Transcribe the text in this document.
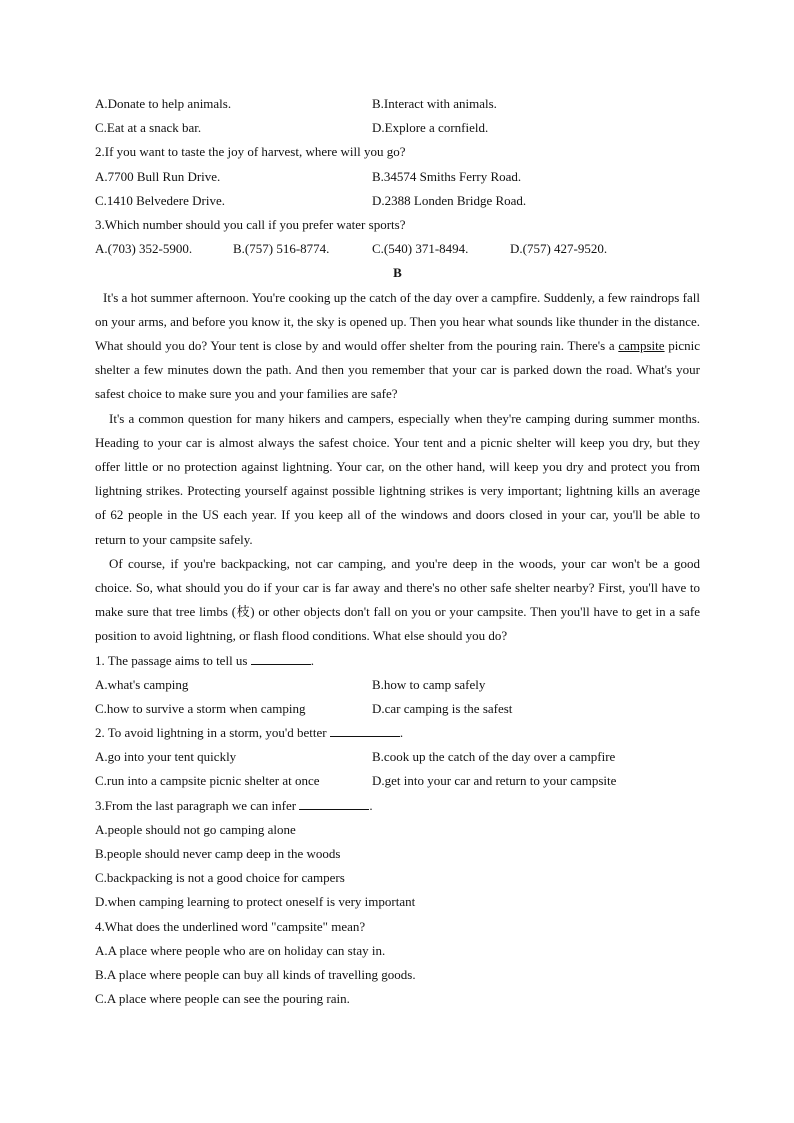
A.Donate to help animals.	B.Interact with animals.
C.Eat at a snack bar.	D.Explore a cornfield.
2.If you want to taste the joy of harvest, where will you go?
A.7700 Bull Run Drive.	B.34574 Smiths Ferry Road.
C.1410 Belvedere Drive.	D.2388 Londen Bridge Road.
3.Which number should you call if you prefer water sports?
A.(703) 352-5900.	B.(757) 516-8774.	C.(540) 371-8494.	D.(757) 427-9520.
B
It's a hot summer afternoon. You're cooking up the catch of the day over a campfire. Suddenly, a few raindrops fall on your arms, and before you know it, the sky is opened up. Then you hear what sounds like thunder in the distance. What should you do? Your tent is close by and would offer shelter from the pouring rain. There's a campsite picnic shelter a few minutes down the path. And then you remember that your car is parked down the road. What's your safest choice to make sure you and your families are safe?
It's a common question for many hikers and campers, especially when they're camping during summer months. Heading to your car is almost always the safest choice. Your tent and a picnic shelter will keep you dry, but they offer little or no protection against lightning. Your car, on the other hand, will keep you dry and protect you from lightning strikes. Protecting yourself against possible lightning strikes is very important; lightning kills an average of 62 people in the US each year. If you keep all of the windows and doors closed in your car, you'll be able to return to your campsite safely.
Of course, if you're backpacking, not car camping, and you're deep in the woods, your car won't be a good choice. So, what should you do if your car is far away and there's no other safe shelter nearby? First, you'll have to make sure that tree limbs (枝) or other objects don't fall on you or your campsite. Then you'll have to get in a safe position to avoid lightning, or flash flood conditions. What else should you do?
1. The passage aims to tell us	.
A.what's camping	B.how to camp safely
C.how to survive a storm when camping	D.car camping is the safest
2. To avoid lightning in a storm, you'd better	.
A.go into your tent quickly	B.cook up the catch of the day over a campfire
C.run into a campsite picnic shelter at once	D.get into your car and return to your campsite
3.From the last paragraph we can infer	.
A.people should not go camping alone
B.people should never camp deep in the woods
C.backpacking is not a good choice for campers
D.when camping learning to protect oneself is very important
4.What does the underlined word "campsite" mean?
A.A place where people who are on holiday can stay in.
B.A place where people can buy all kinds of travelling goods.
C.A place where people can see the pouring rain.
